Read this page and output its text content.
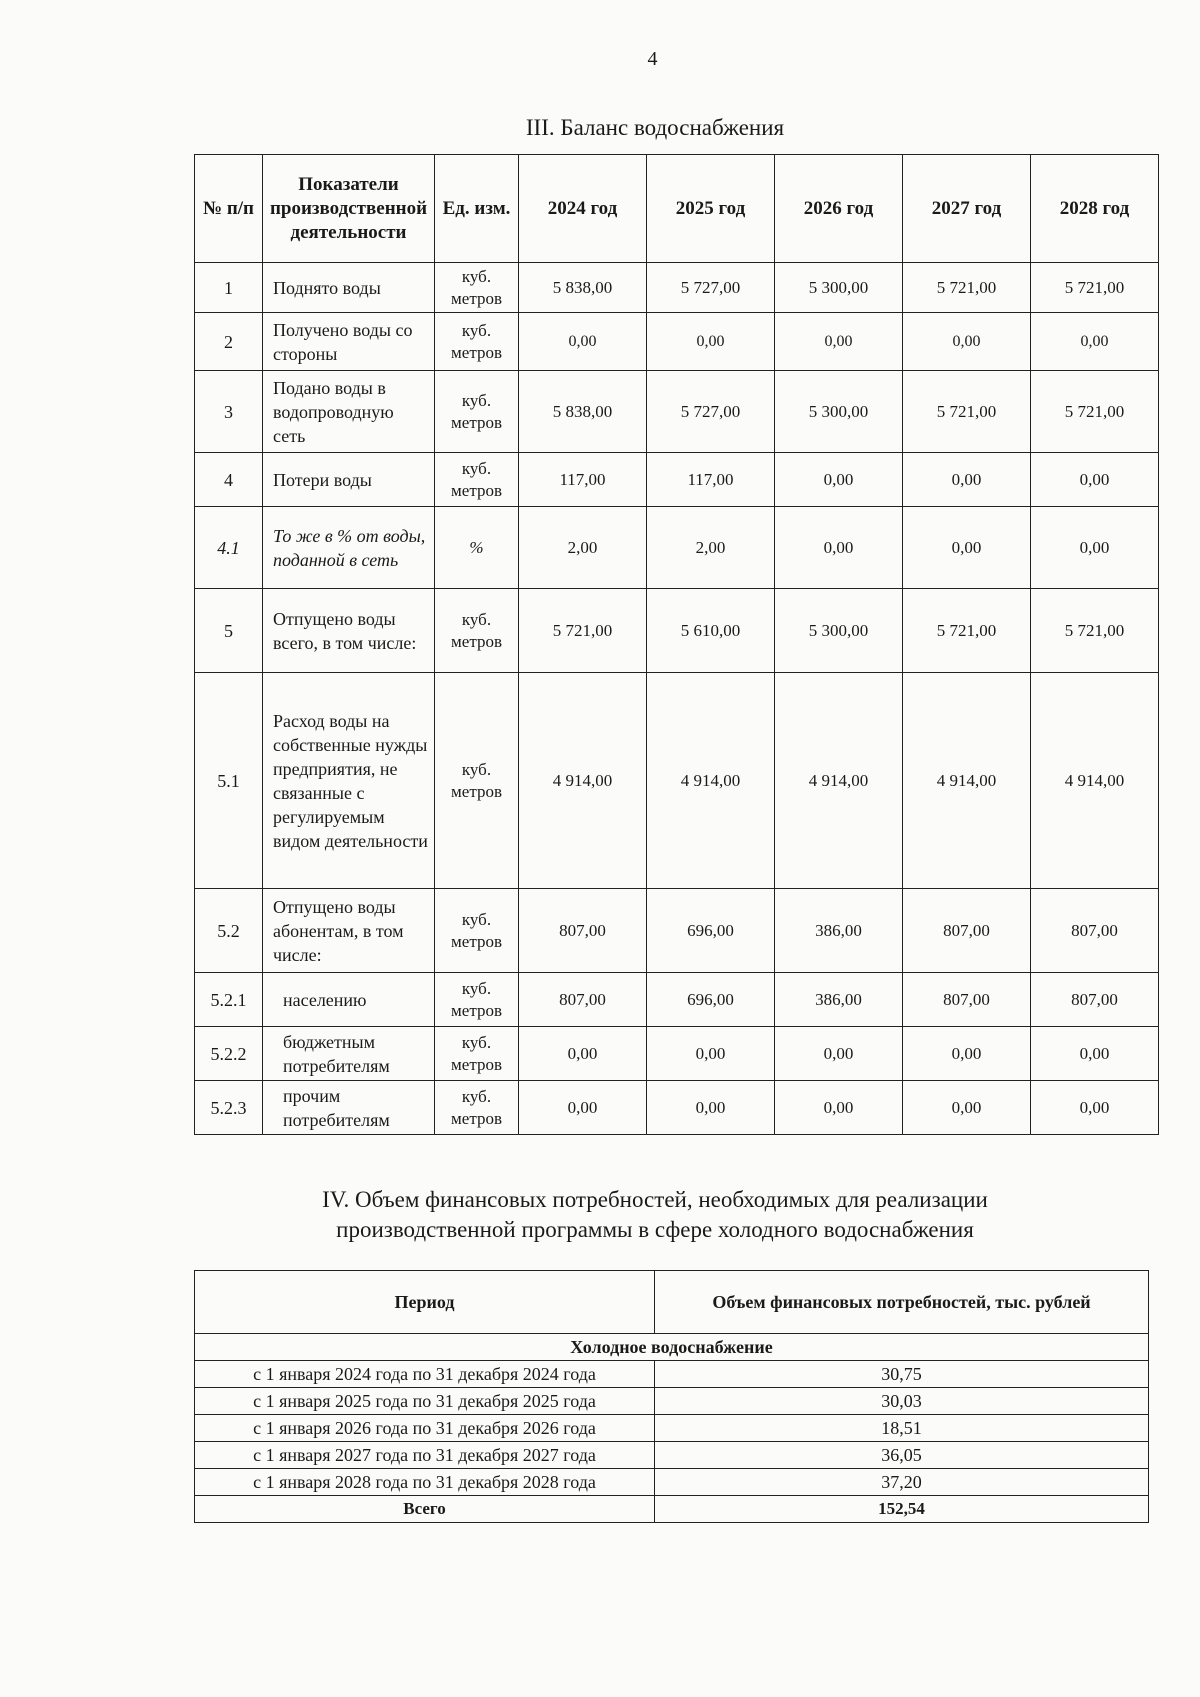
4
III. Баланс водоснабжения
№ п/п	Показатели производственной деятельности	Ед. изм.	2024 год	2025 год	2026 год	2027 год	2028 год
1	Поднято воды	куб. метров	5 838,00	5 727,00	5 300,00	5 721,00	5 721,00
2	Получено воды со стороны	куб. метров	0,00	0,00	0,00	0,00	0,00
3	Подано воды в водопроводную сеть	куб. метров	5 838,00	5 727,00	5 300,00	5 721,00	5 721,00
4	Потери воды	куб. метров	117,00	117,00	0,00	0,00	0,00
4.1	То же в % от воды, поданной в сеть	%	2,00	2,00	0,00	0,00	0,00
5	Отпущено воды всего, в том числе:	куб. метров	5 721,00	5 610,00	5 300,00	5 721,00	5 721,00
5.1	Расход воды на собственные нужды предприятия, не связанные с регулируемым видом деятельности	куб. метров	4 914,00	4 914,00	4 914,00	4 914,00	4 914,00
5.2	Отпущено воды абонентам, в том числе:	куб. метров	807,00	696,00	386,00	807,00	807,00
5.2.1	населению	куб. метров	807,00	696,00	386,00	807,00	807,00
5.2.2	бюджетным потребителям	куб. метров	0,00	0,00	0,00	0,00	0,00
5.2.3	прочим потребителям	куб. метров	0,00	0,00	0,00	0,00	0,00
IV. Объем финансовых потребностей, необходимых для реализации
производственной программы в сфере холодного водоснабжения
Период	Объем финансовых потребностей, тыс. рублей
Холодное водоснабжение	
с 1 января 2024 года по 31 декабря 2024 года	30,75
с 1 января 2025 года по 31 декабря 2025 года	30,03
с 1 января 2026 года по 31 декабря 2026 года	18,51
с 1 января 2027 года по 31 декабря 2027 года	36,05
с 1 января 2028 года по 31 декабря 2028 года	37,20
Всего	152,54
